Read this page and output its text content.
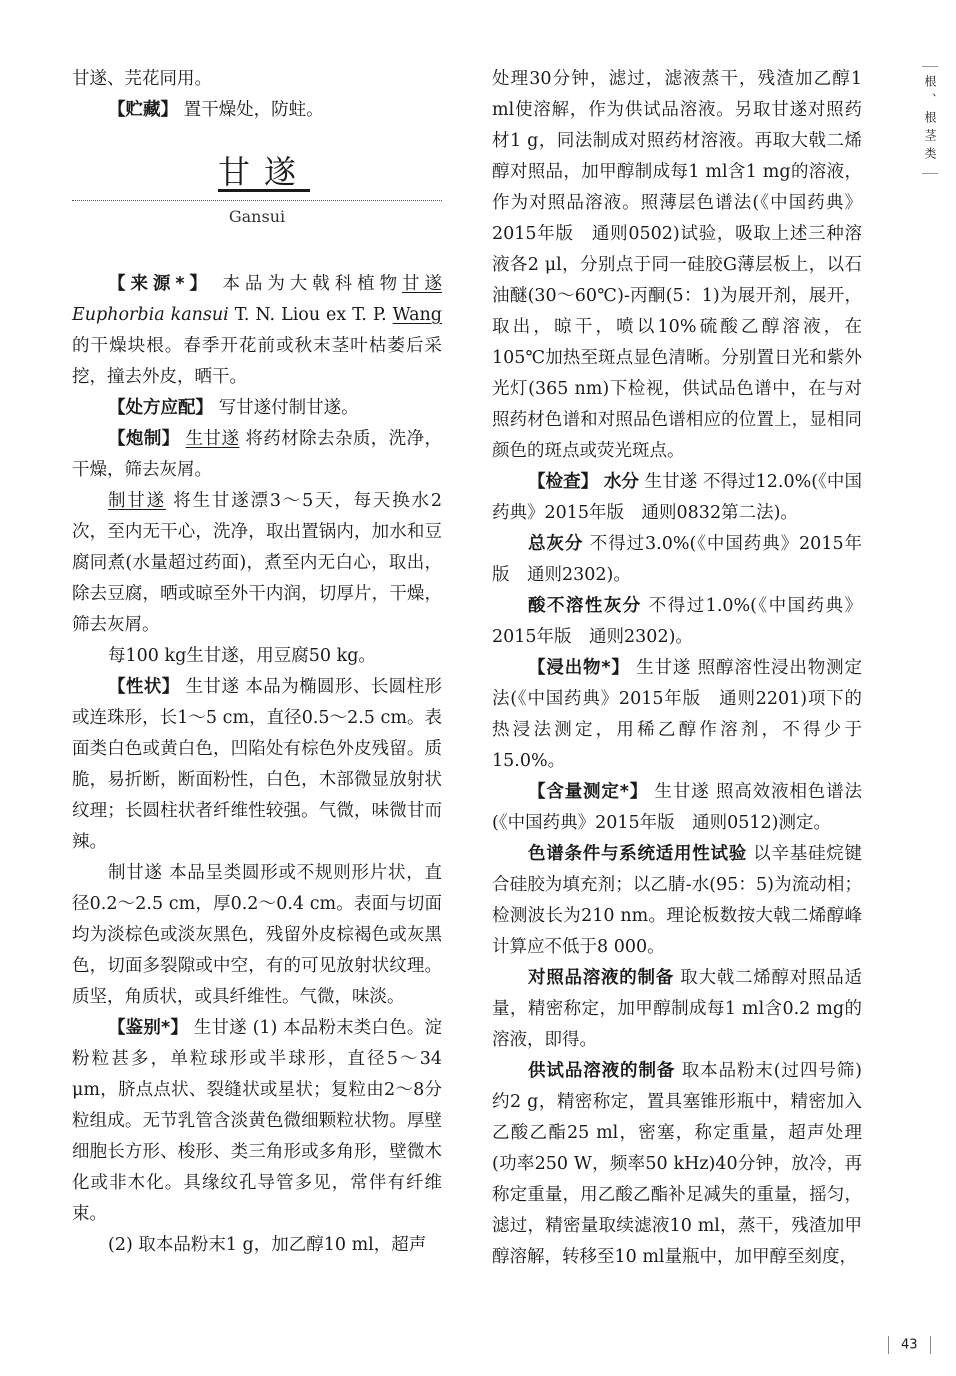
甘遂、芫花同用。

【贮藏】 置干燥处，防蛀。

甘遂
Gansui

【来源*】 本品为大戟科植物甘遂 Euphorbia kansui T. N. Liou ex T. P. Wang的干燥块根。春季开花前或秋末茎叶枯萎后采挖，撞去外皮，晒干。

【处方应配】 写甘遂付制甘遂。

【炮制】 生甘遂 将药材除去杂质，洗净，干燥，筛去灰屑。

制甘遂 将生甘遂漂3～5天，每天换水2次，至内无干心，洗净，取出置锅内，加水和豆腐同煮(水量超过药面)，煮至内无白心，取出，除去豆腐，晒或晾至外干内润，切厚片，干燥，筛去灰屑。

每100 kg生甘遂，用豆腐50 kg。

【性状】 生甘遂 本品为椭圆形、长圆柱形或连珠形，长1～5 cm，直径0.5～2.5 cm。表面类白色或黄白色，凹陷处有棕色外皮残留。质脆，易折断，断面粉性，白色，木部微显放射状纹理；长圆柱状者纤维性较强。气微，味微甘而辣。

制甘遂 本品呈类圆形或不规则形片状，直径0.2～2.5 cm，厚0.2～0.4 cm。表面与切面均为淡棕色或淡灰黑色，残留外皮棕褐色或灰黑色，切面多裂隙或中空，有的可见放射状纹理。质坚，角质状，或具纤维性。气微，味淡。

【鉴别*】 生甘遂 (1) 本品粉末类白色。淀粉粒甚多，单粒球形或半球形，直径5～34 μm，脐点点状、裂缝状或星状；复粒由2～8分粒组成。无节乳管含淡黄色微细颗粒状物。厚壁细胞长方形、梭形、类三角形或多角形，壁微木化或非木化。具缘纹孔导管多见，常伴有纤维束。

(2) 取本品粉末1 g，加乙醇10 ml，超声

处理30分钟，滤过，滤液蒸干，残渣加乙醇1 ml使溶解，作为供试品溶液。另取甘遂对照药材1 g，同法制成对照药材溶液。再取大戟二烯醇对照品，加甲醇制成每1 ml含1 mg的溶液，作为对照品溶液。照薄层色谱法(《中国药典》2015年版　通则0502)试验，吸取上述三种溶液各2 μl，分别点于同一硅胶G薄层板上，以石油醚(30～60℃)-丙酮(5：1)为展开剂，展开，取出，晾干，喷以10%硫酸乙醇溶液，在105℃加热至斑点显色清晰。分别置日光和紫外光灯(365 nm)下检视，供试品色谱中，在与对照药材色谱和对照品色谱相应的位置上，显相同颜色的斑点或荧光斑点。

【检查】 水分 生甘遂 不得过12.0%(《中国药典》2015年版　通则0832第二法)。

总灰分 不得过3.0%(《中国药典》2015年版　通则2302)。

酸不溶性灰分 不得过1.0%(《中国药典》2015年版　通则2302)。

【浸出物*】 生甘遂 照醇溶性浸出物测定法(《中国药典》2015年版　通则2201)项下的热浸法测定，用稀乙醇作溶剂，不得少于15.0%。

【含量测定*】 生甘遂 照高效液相色谱法(《中国药典》2015年版　通则0512)测定。

色谱条件与系统适用性试验 以辛基硅烷键合硅胶为填充剂；以乙腈-水(95：5)为流动相；检测波长为210 nm。理论板数按大戟二烯醇峰计算应不低于8 000。

对照品溶液的制备 取大戟二烯醇对照品适量，精密称定，加甲醇制成每1 ml含0.2 mg的溶液，即得。

供试品溶液的制备 取本品粉末(过四号筛)约2 g，精密称定，置具塞锥形瓶中，精密加入乙酸乙酯25 ml，密塞，称定重量，超声处理(功率250 W，频率50 kHz)40分钟，放冷，再称定重量，用乙酸乙酯补足减失的重量，摇匀，滤过，精密量取续滤液10 ml，蒸干，残渣加甲醇溶解，转移至10 ml量瓶中，加甲醇至刻度，

根、根茎类
43
